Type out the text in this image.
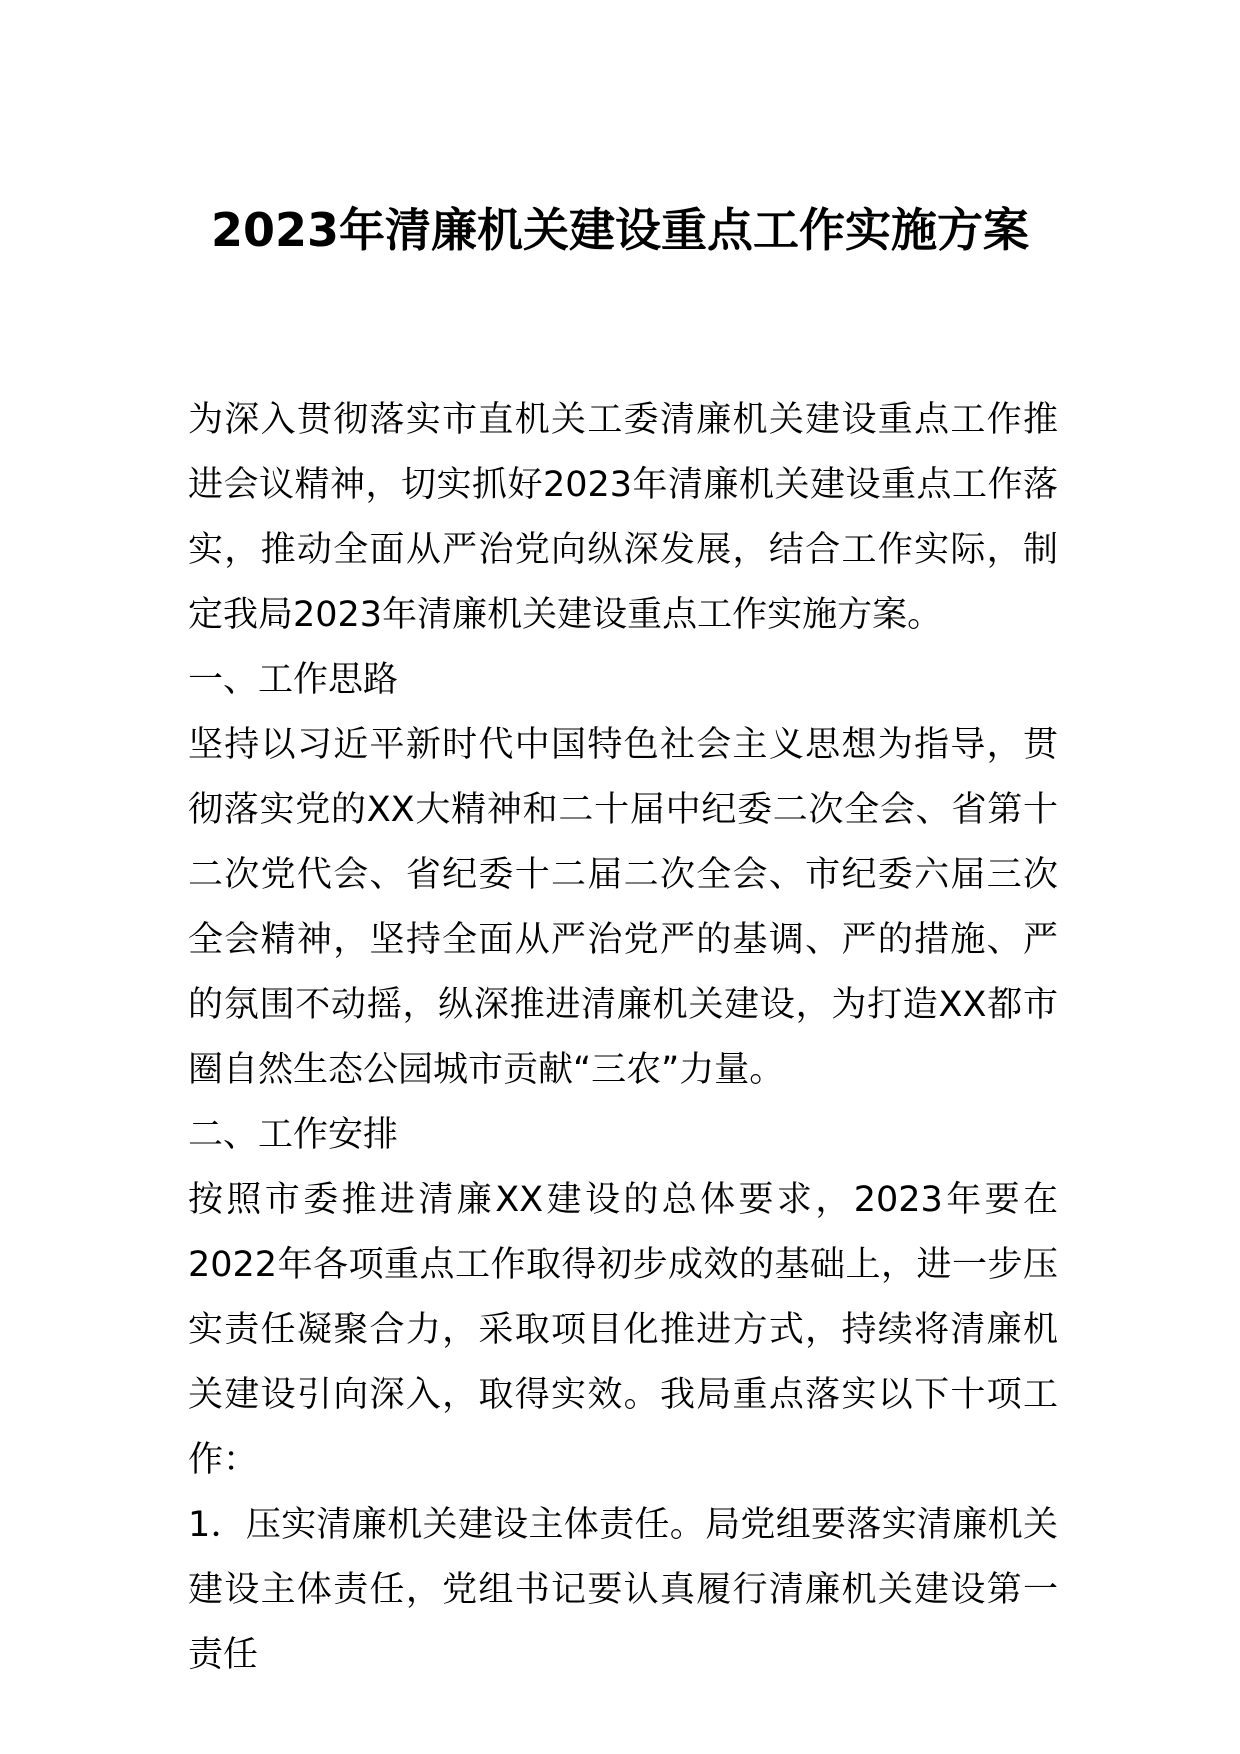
2023年清廉机关建设重点工作实施方案

为深入贯彻落实市直机关工委清廉机关建设重点工作推进会议精神，切实抓好2023年清廉机关建设重点工作落实，推动全面从严治党向纵深发展，结合工作实际，制定我局2023年清廉机关建设重点工作实施方案。

一、工作思路

坚持以习近平新时代中国特色社会主义思想为指导，贯彻落实党的XX大精神和二十届中纪委二次全会、省第十二次党代会、省纪委十二届二次全会、市纪委六届三次全会精神，坚持全面从严治党严的基调、严的措施、严的氛围不动摇，纵深推进清廉机关建设，为打造XX都市圈自然生态公园城市贡献“三农”力量。

二、工作安排

按照市委推进清廉XX建设的总体要求，2023年要在2022年各项重点工作取得初步成效的基础上，进一步压实责任凝聚合力，采取项目化推进方式，持续将清廉机关建设引向深入，取得实效。我局重点落实以下十项工作：

1．压实清廉机关建设主体责任。局党组要落实清廉机关建设主体责任，党组书记要认真履行清廉机关建设第一责任
